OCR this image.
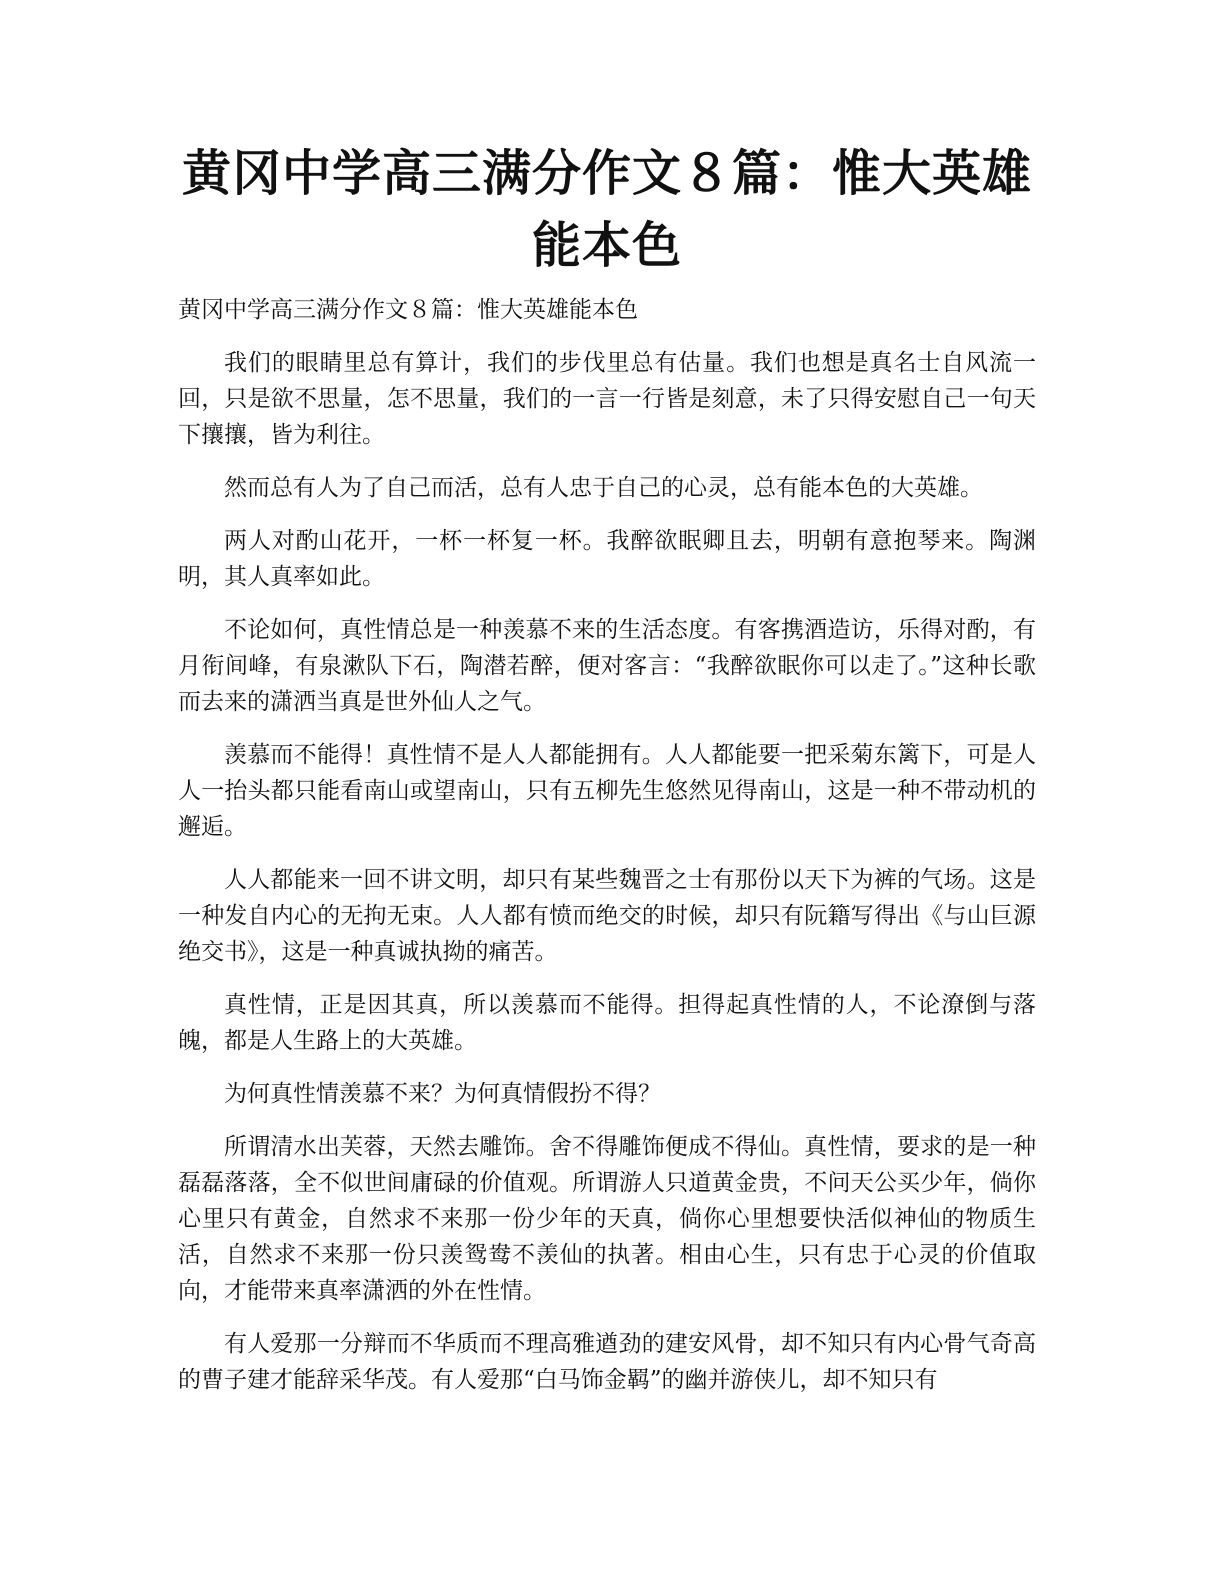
黄冈中学高三满分作文８篇：惟大英雄能本色

黄冈中学高三满分作文８篇：惟大英雄能本色

我们的眼睛里总有算计，我们的步伐里总有估量。我们也想是真名士自风流一回，只是欲不思量，怎不思量，我们的一言一行皆是刻意，未了只得安慰自己一句天下攘攘，皆为利往。

然而总有人为了自己而活，总有人忠于自己的心灵，总有能本色的大英雄。

两人对酌山花开，一杯一杯复一杯。我醉欲眠卿且去，明朝有意抱琴来。陶渊明，其人真率如此。

不论如何，真性情总是一种羡慕不来的生活态度。有客携酒造访，乐得对酌，有月衔间峰，有泉漱队下石，陶潜若醉，便对客言：“我醉欲眠你可以走了。”这种长歌而去来的潇洒当真是世外仙人之气。

羡慕而不能得！真性情不是人人都能拥有。人人都能要一把采菊东篱下，可是人人一抬头都只能看南山或望南山，只有五柳先生悠然见得南山，这是一种不带动机的邂逅。

人人都能来一回不讲文明，却只有某些魏晋之士有那份以天下为裤的气场。这是一种发自内心的无拘无束。人人都有愤而绝交的时候，却只有阮籍写得出《与山巨源绝交书》，这是一种真诚执拗的痛苦。

真性情，正是因其真，所以羡慕而不能得。担得起真性情的人，不论潦倒与落魄，都是人生路上的大英雄。

为何真性情羡慕不来？为何真情假扮不得？

所谓清水出芙蓉，天然去雕饰。舍不得雕饰便成不得仙。真性情，要求的是一种磊磊落落，全不似世间庸碌的价值观。所谓游人只道黄金贵，不问天公买少年，倘你心里只有黄金，自然求不来那一份少年的天真，倘你心里想要快活似神仙的物质生活，自然求不来那一份只羡鸳鸯不羡仙的执著。相由心生，只有忠于心灵的价值取向，才能带来真率潇洒的外在性情。

有人爱那一分辩而不华质而不理高雅遒劲的建安风骨，却不知只有内心骨气奇高的曹子建才能辞采华茂。有人爱那“白马饰金羁”的幽并游侠儿，却不知只有
